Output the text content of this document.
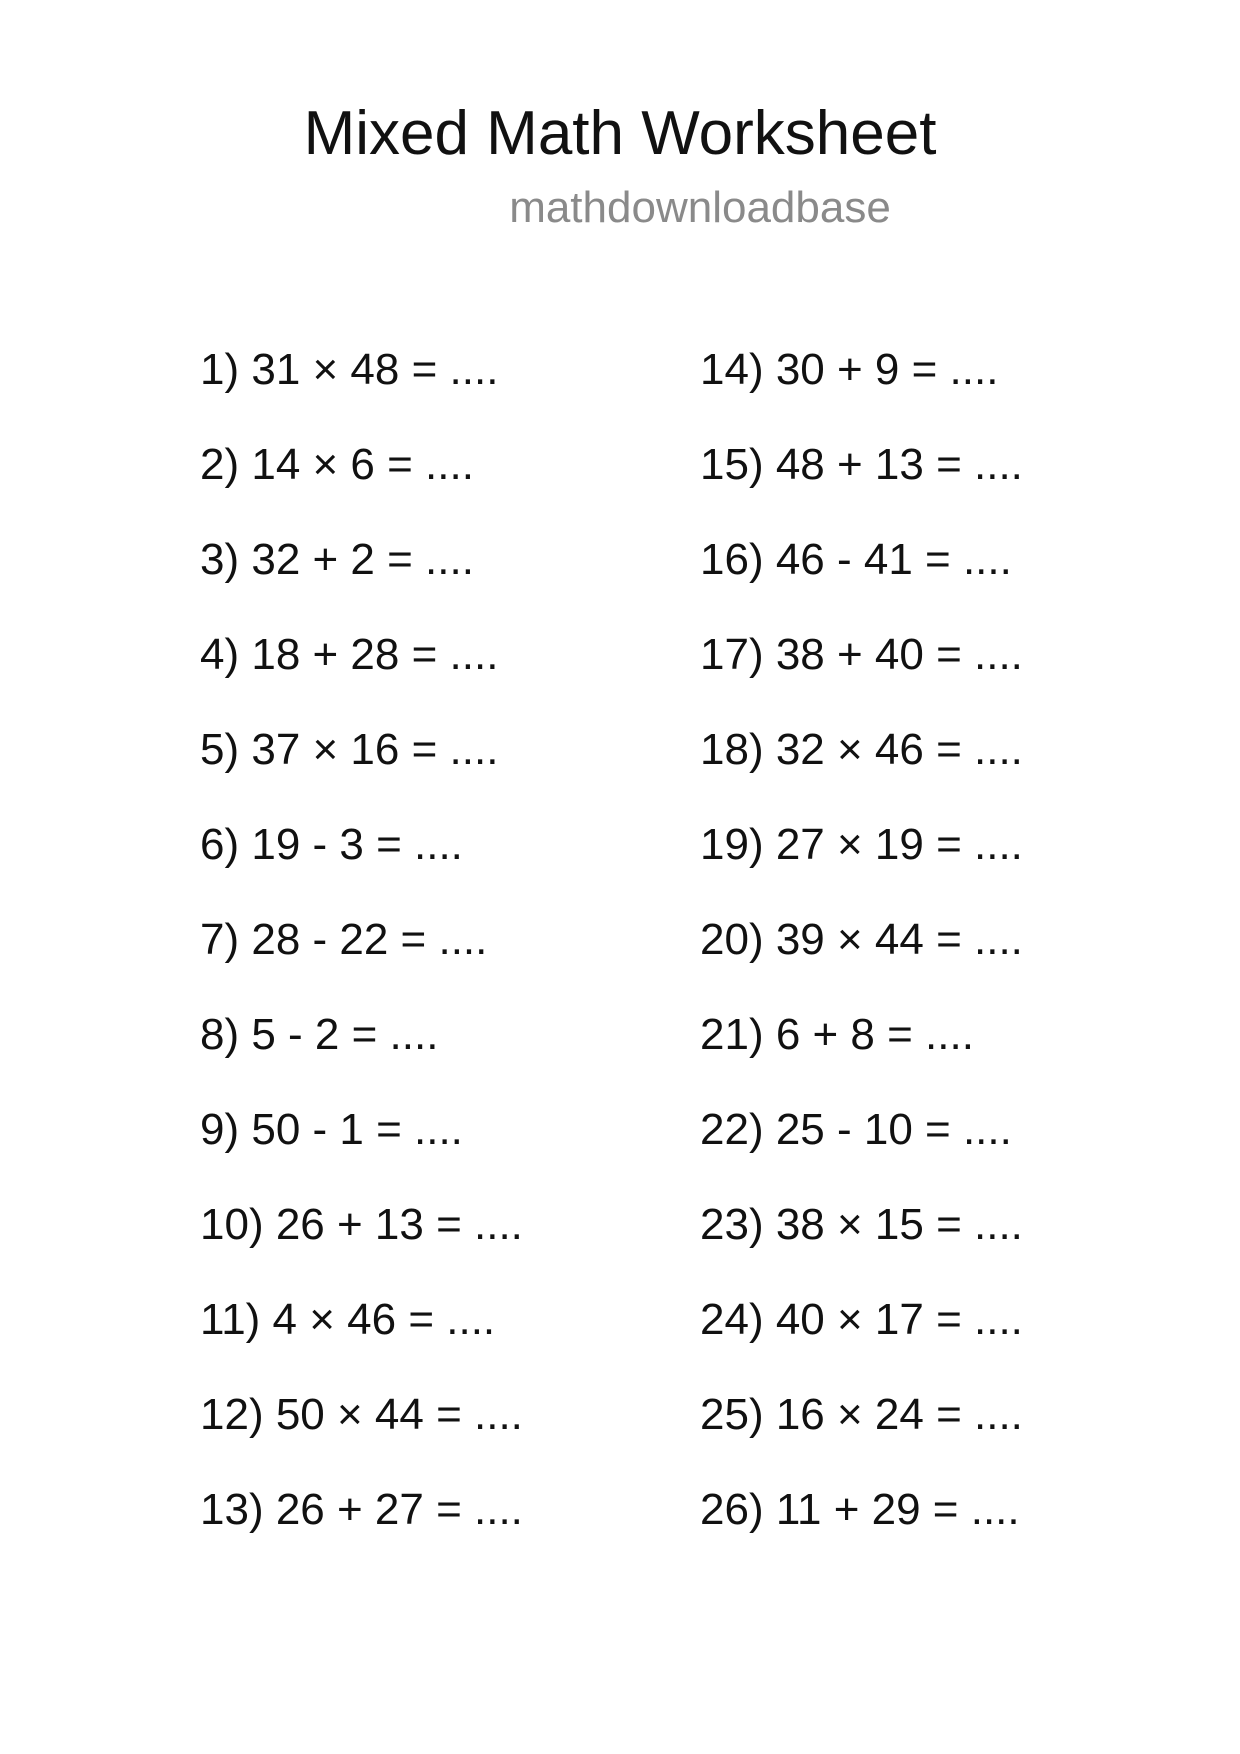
Mixed Math Worksheet

mathdownloadbase

1) 31 × 48 = ....
2) 14 × 6 = ....
3) 32 + 2 = ....
4) 18 + 28 = ....
5) 37 × 16 = ....
6) 19 - 3 = ....
7) 28 - 22 = ....
8) 5 - 2 = ....
9) 50 - 1 = ....
10) 26 + 13 = ....
11) 4 × 46 = ....
12) 50 × 44 = ....
13) 26 + 27 = ....
14) 30 + 9 = ....
15) 48 + 13 = ....
16) 46 - 41 = ....
17) 38 + 40 = ....
18) 32 × 46 = ....
19) 27 × 19 = ....
20) 39 × 44 = ....
21) 6 + 8 = ....
22) 25 - 10 = ....
23) 38 × 15 = ....
24) 40 × 17 = ....
25) 16 × 24 = ....
26) 11 + 29 = ....
